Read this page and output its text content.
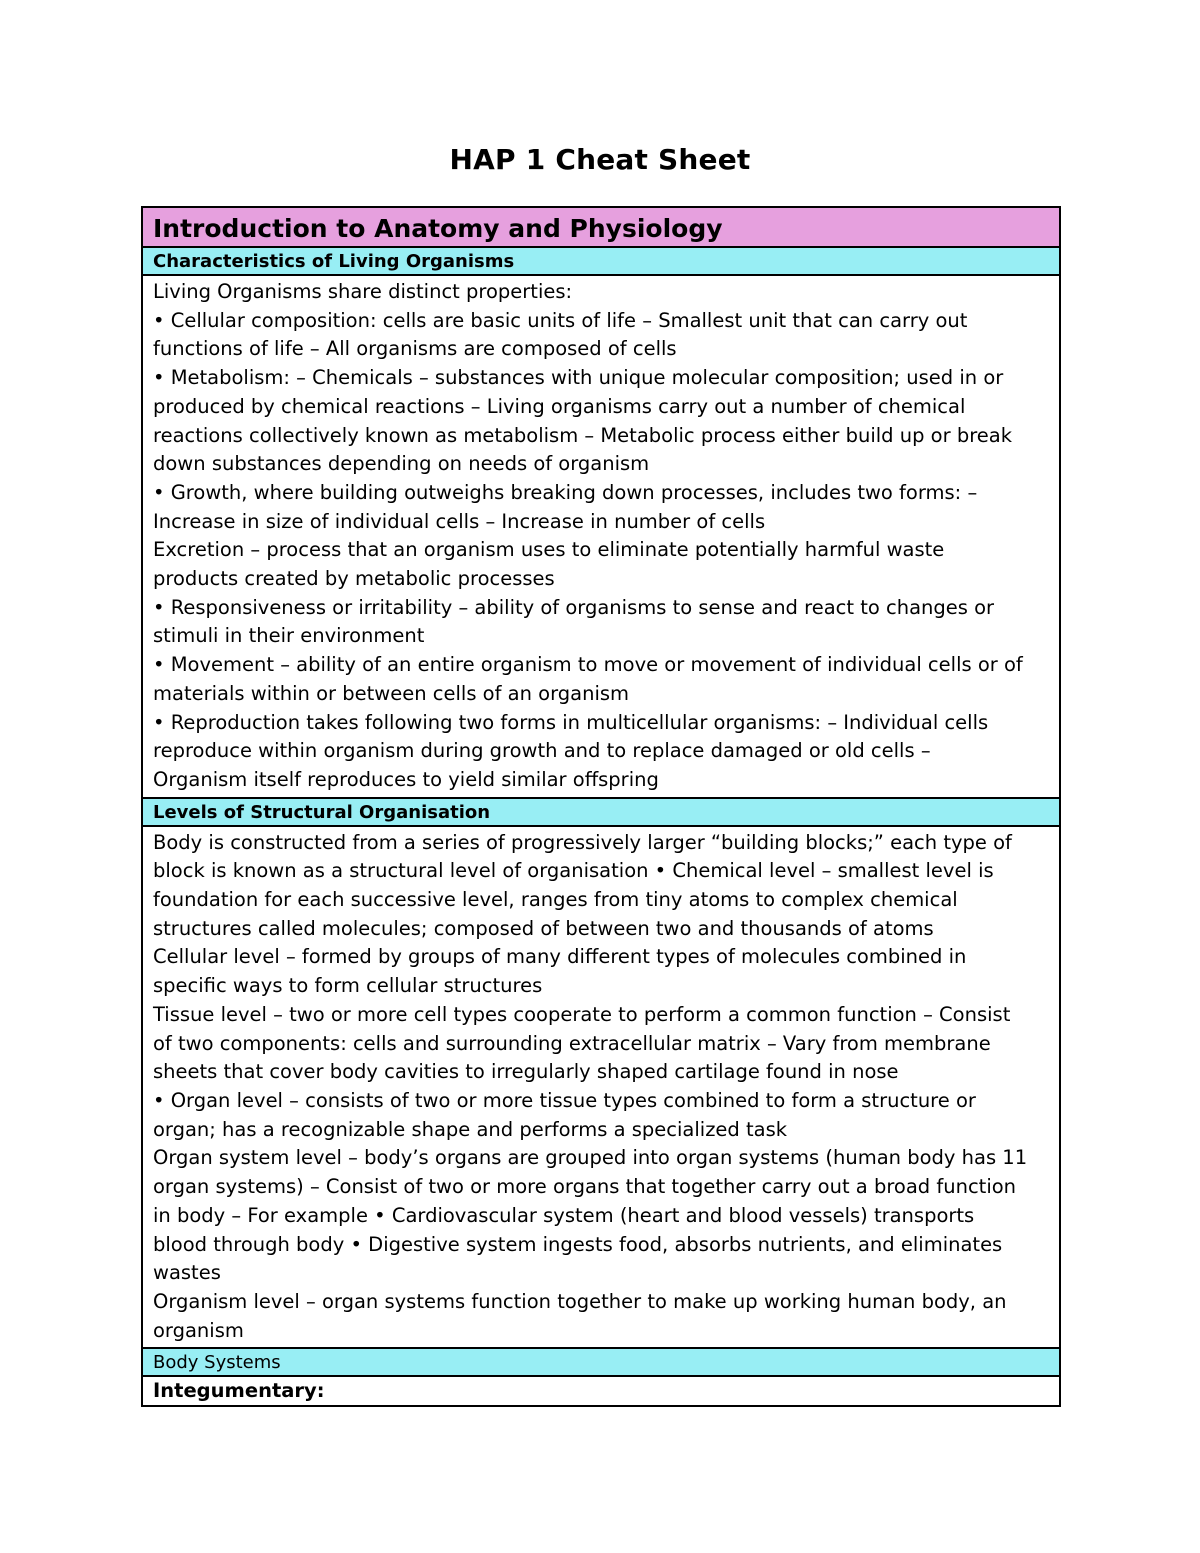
HAP 1 Cheat Sheet
Introduction to Anatomy and Physiology
Characteristics of Living Organisms
Living Organisms share distinct properties:
• Cellular composition: cells are basic units of life – Smallest unit that can carry out
functions of life – All organisms are composed of cells
• Metabolism: – Chemicals – substances with unique molecular composition; used in or
produced by chemical reactions – Living organisms carry out a number of chemical
reactions collectively known as metabolism – Metabolic process either build up or break
down substances depending on needs of organism
• Growth, where building outweighs breaking down processes, includes two forms: –
Increase in size of individual cells – Increase in number of cells
Excretion – process that an organism uses to eliminate potentially harmful waste
products created by metabolic processes
• Responsiveness or irritability – ability of organisms to sense and react to changes or
stimuli in their environment
• Movement – ability of an entire organism to move or movement of individual cells or of
materials within or between cells of an organism
• Reproduction takes following two forms in multicellular organisms: – Individual cells
reproduce within organism during growth and to replace damaged or old cells –
Organism itself reproduces to yield similar offspring
Levels of Structural Organisation
Body is constructed from a series of progressively larger “building blocks;” each type of
block is known as a structural level of organisation • Chemical level – smallest level is
foundation for each successive level, ranges from tiny atoms to complex chemical
structures called molecules; composed of between two and thousands of atoms
Cellular level – formed by groups of many different types of molecules combined in
specific ways to form cellular structures
Tissue level – two or more cell types cooperate to perform a common function – Consist
of two components: cells and surrounding extracellular matrix – Vary from membrane
sheets that cover body cavities to irregularly shaped cartilage found in nose
• Organ level – consists of two or more tissue types combined to form a structure or
organ; has a recognizable shape and performs a specialized task
Organ system level – body’s organs are grouped into organ systems (human body has 11
organ systems) – Consist of two or more organs that together carry out a broad function
in body – For example • Cardiovascular system (heart and blood vessels) transports
blood through body • Digestive system ingests food, absorbs nutrients, and eliminates
wastes
Organism level – organ systems function together to make up working human body, an
organism
Body Systems
Integumentary:
